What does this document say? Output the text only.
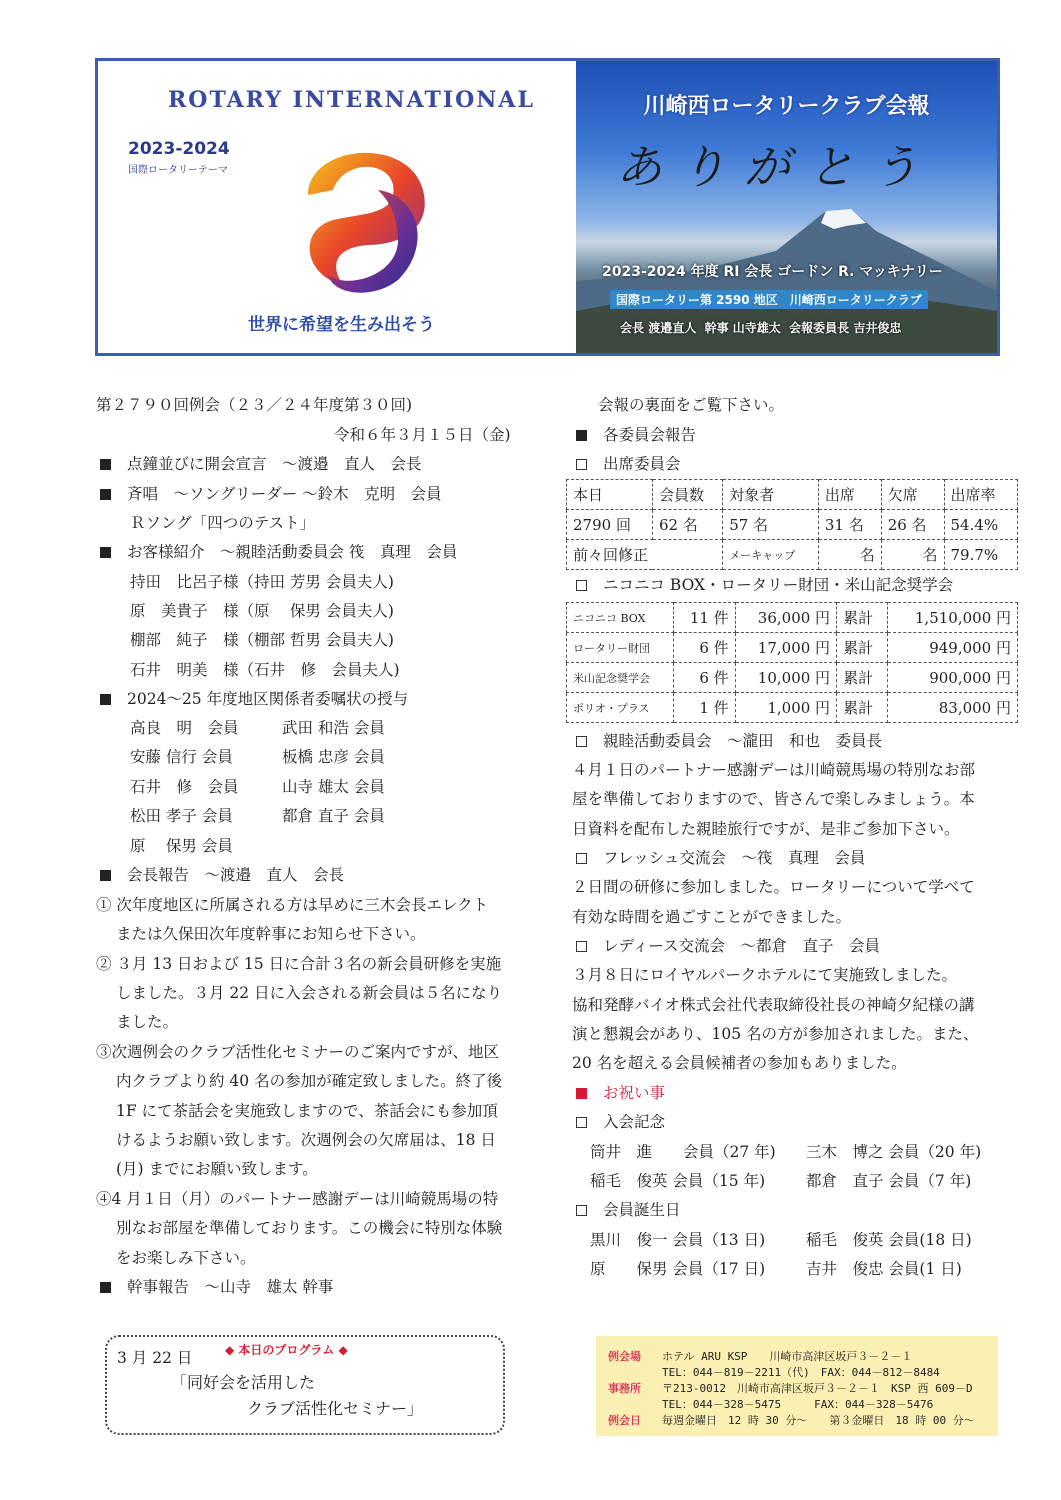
ROTARY INTERNATIONAL
2023-2024
国際ロータリーテーマ
世界に希望を生み出そう
川崎西ロータリークラブ会報
ありがとう
2023-2024 年度 RI 会長 ゴードン R. マッキナリー
国際ロータリー第 2590 地区　川崎西ロータリークラブ
会長 渡邉直人 幹事 山寺雄太 会報委員長 吉井俊忠
第２７９０回例会（２３／２４年度第３０回)
令和６年３月１５日（金)
点鐘並びに開会宣言　～渡邉　直人　会長
斉唱　～ソングリーダー ～鈴木　克明　会員
Ｒソング「四つのテスト」
お客様紹介　～親睦活動委員会 筏　真理　会員
持田　比呂子様（持田 芳男 会員夫人)
原　美貴子　様（原　 保男 会員夫人)
棚部　純子　様（棚部 哲男 会員夫人)
石井　明美　様（石井　修　会員夫人)
2024～25 年度地区関係者委嘱状の授与
高良　明　会員	武田 和浩 会員
安藤 信行 会員	板橋 忠彦 会員
石井　修　会員	山寺 雄太 会員
松田 孝子 会員	都倉 直子 会員
原　 保男 会員
会長報告　～渡邉　直人　会長
① 次年度地区に所属される方は早めに三木会長エレクト
または久保田次年度幹事にお知らせ下さい。
② ３月 13 日および 15 日に合計３名の新会員研修を実施
しました。３月 22 日に入会される新会員は５名になり
ました。
③次週例会のクラブ活性化セミナーのご案内ですが、地区
内クラブより約 40 名の参加が確定致しました。終了後
1F にて茶話会を実施致しますので、茶話会にも参加頂
けるようお願い致します。次週例会の欠席届は、18 日
(月) までにお願い致します。
④4 月１日（月）のパートナー感謝デーは川崎競馬場の特
別なお部屋を準備しております。この機会に特別な体験
をお楽しみ下さい。
幹事報告　～山寺　雄太 幹事
会報の裏面をご覧下さい。
各委員会報告
出席委員会
本日	会員数	対象者	出席	欠席	出席率
2790 回	62 名	57 名	31 名	26 名	54.4%
前々回修正		メーキャップ	名	名	79.7%
ニコニコ BOX・ロータリー財団・米山記念奨学会
ニコニコ BOX	11 件	36,000 円	累計	1,510,000 円
ロータリー財団	6 件	17,000 円	累計	949,000 円
米山記念奨学会	6 件	10,000 円	累計	900,000 円
ポリオ・プラス	1 件	1,000 円	累計	83,000 円
親睦活動委員会　～瀧田　和也　委員長
４月１日のパートナー感謝デーは川崎競馬場の特別なお部
屋を準備しておりますので、皆さんで楽しみましょう。本
日資料を配布した親睦旅行ですが、是非ご参加下さい。
フレッシュ交流会　～筏　真理　会員
２日間の研修に参加しました。ロータリーについて学べて
有効な時間を過ごすことができました。
レディース交流会　～都倉　直子　会員
３月８日にロイヤルパークホテルにて実施致しました。
協和発酵バイオ株式会社代表取締役社長の神崎夕紀様の講
演と懇親会があり、105 名の方が参加されました。また、
20 名を超える会員候補者の参加もありました。
お祝い事
入会記念
筒井　進　　会員（27 年) 三木　博之 会員（20 年)
稲毛　俊英 会員（15 年)	都倉　直子 会員（7 年)
会員誕生日
黒川　俊一 会員（13 日)	稲毛　俊英 会員(18 日)
原　　保男 会員（17 日)	吉井　俊忠 会員(1 日)
3 月 22 日	◆ 本日のプログラム ◆
「同好会を活用した
クラブ活性化セミナー」
例会場 ホテル ARU KSP　　川崎市高津区坂戸３－２－１
TEL：044－819－2211（代)　FAX：044－812－8484
事務所 〒213-0012　川崎市高津区坂戸３－２－１　KSP 西 609－D
TEL：044－328－5475　　　FAX：044－328－5476
例会日 毎週金曜日　12 時 30 分～　　第３金曜日　18 時 00 分～
